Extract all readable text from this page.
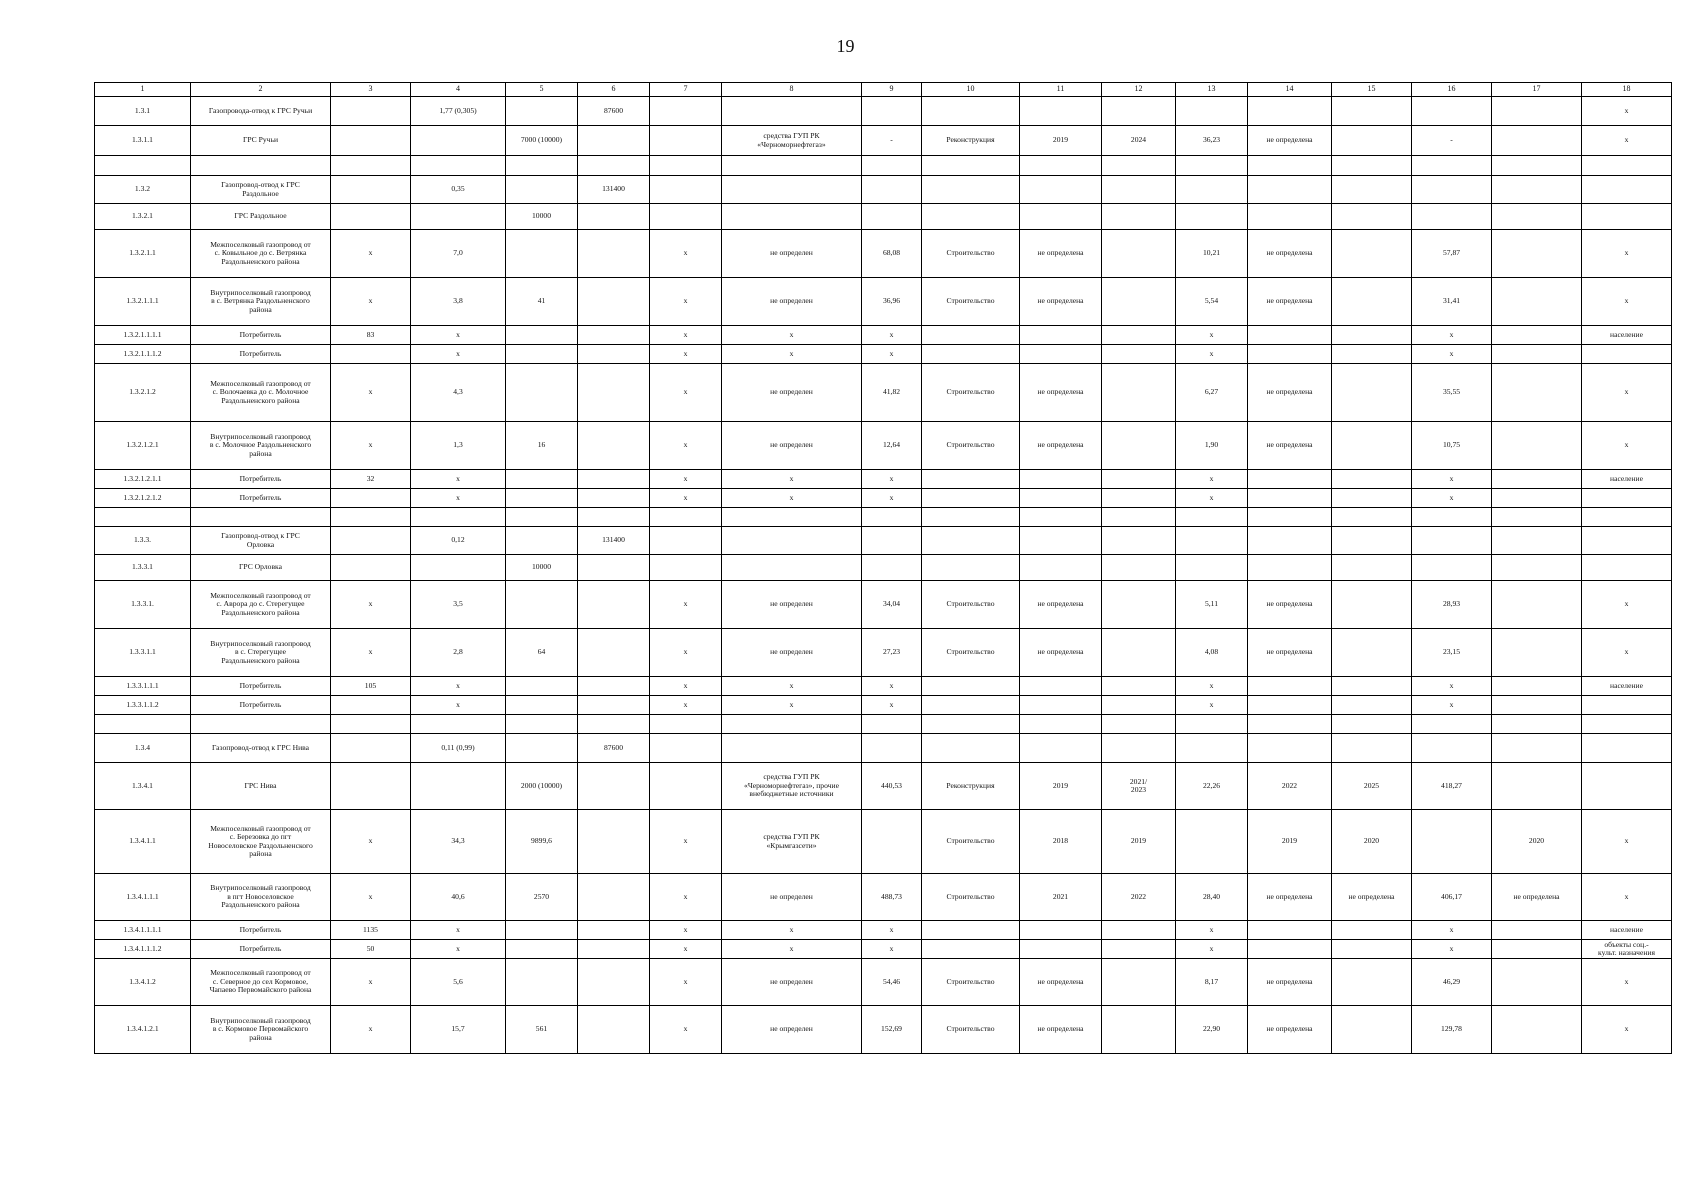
19
1	2	3	4	5	6	7	8	9	10	11	12	13	14	15	16	17	18
1.3.1	Газопровода-отвод к ГРС Ручьи		1,77 (0,305)		87600												х
1.3.1.1	ГРС Ручьи			7000 (10000)			средства ГУП РК
«Черноморнефтегаз»	-	Реконструкция	2019	2024	36,23	не определена		-		х

1.3.2	Газопровод-отвод к ГРС
Раздольное		0,35		131400												
1.3.2.1	ГРС Раздольное			10000													
1.3.2.1.1	Межпоселковый газопровод от
с. Ковыльное до с. Ветрянка
Раздольненского района	х	7,0			х	не определен	68,08	Строительство	не определена		10,21	не определена		57,87		х
1.3.2.1.1.1	Внутрипоселковый газопровод
в с. Ветрянка Раздольненского
района	х	3,8	41		х	не определен	36,96	Строительство	не определена		5,54	не определена		31,41		х
1.3.2.1.1.1.1	Потребитель	83	х			х	х	х				х			х		население
1.3.2.1.1.1.2	Потребитель		х			х	х	х				х			х		
1.3.2.1.2	Межпоселковый газопровод от
с. Волочаевка до с. Молочное
Раздольненского района	х	4,3			х	не определен	41,82	Строительство	не определена		6,27	не определена		35,55		х
1.3.2.1.2.1	Внутрипоселковый газопровод
в с. Молочное Раздольненского
района	х	1,3	16		х	не определен	12,64	Строительство	не определена		1,90	не определена		10,75		х
1.3.2.1.2.1.1	Потребитель	32	х			х	х	х				х			х		население
1.3.2.1.2.1.2	Потребитель		х			х	х	х				х			х		

1.3.3.	Газопровод-отвод к ГРС
Орловка		0,12		131400												
1.3.3.1	ГРС Орловка			10000													
1.3.3.1.	Межпоселковый газопровод от
с. Аврора до с. Стерегущее
Раздольненского района	х	3,5			х	не определен	34,04	Строительство	не определена		5,11	не определена		28,93		х
1.3.3.1.1	Внутрипоселковый газопровод
в с. Стерегущее
Раздольненского района	х	2,8	64		х	не определен	27,23	Строительство	не определена		4,08	не определена		23,15		х
1.3.3.1.1.1	Потребитель	105	х			х	х	х				х			х		население
1.3.3.1.1.2	Потребитель		х			х	х	х				х			х		

1.3.4	Газопровод-отвод к ГРС Нива		0,11 (0,99)		87600												
1.3.4.1	ГРС Нива			2000 (10000)			средства ГУП РК
«Черноморнефтегаз», прочие
внебюджетные источники	440,53	Реконструкция	2019	2021/
2023	22,26	2022	2025	418,27		
1.3.4.1.1	Межпоселковый газопровод от
с. Березовка до пгт
Новоселовское Раздольненского
района	х	34,3	9899,6		х	средства ГУП РК
«Крымгазсети»		Строительство	2018	2019		2019	2020		2020	х
1.3.4.1.1.1	Внутрипоселковый газопровод
в пгт Новоселовское
Раздольненского района	х	40,6	2570		х	не определен	488,73	Строительство	2021	2022	28,40	не определена	не определена	406,17	не определена	х
1.3.4.1.1.1.1	Потребитель	1135	х			х	х	х				х			х		население
1.3.4.1.1.1.2	Потребитель	50	х			х	х	х				х			х		объекты соц.-
культ. назначения
1.3.4.1.2	Межпоселковый газопровод от
с. Северное до сел Кормовое,
Чапаево Первомайского района	х	5,6			х	не определен	54,46	Строительство	не определена		8,17	не определена		46,29		х
1.3.4.1.2.1	Внутрипоселковый газопровод
в с. Кормовое Первомайского
района	х	15,7	561		х	не определен	152,69	Строительство	не определена		22,90	не определена		129,78		х
